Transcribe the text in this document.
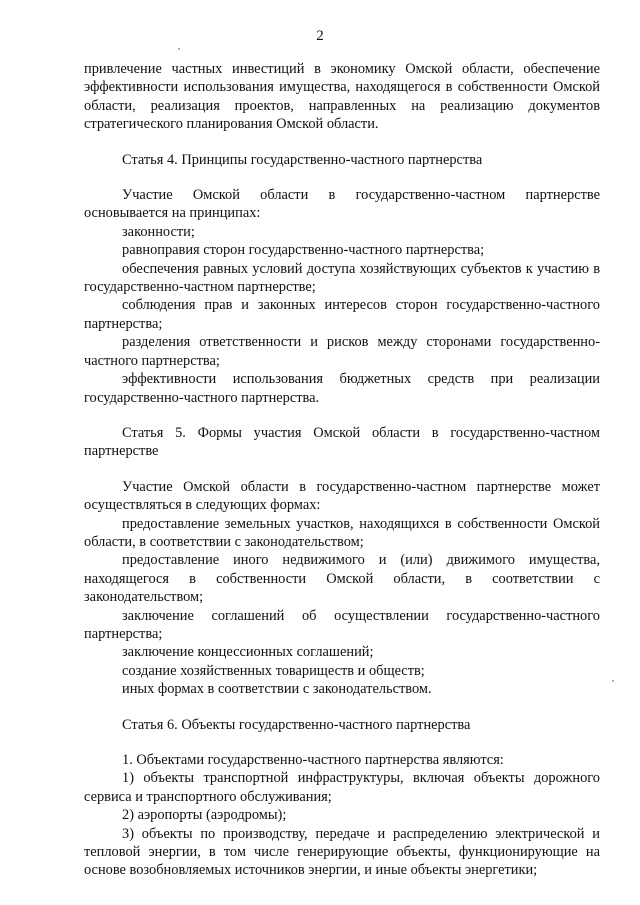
2

привлечение частных инвестиций в экономику Омской области, обеспечение эффективности использования имущества, находящегося в собственности Омской области, реализация проектов, направленных на реализацию документов стратегического планирования Омской области.

Статья 4. Принципы государственно-частного партнерства

Участие Омской области в государственно-частном партнерстве основывается на принципах:

законности;

равноправия сторон государственно-частного партнерства;

обеспечения равных условий доступа хозяйствующих субъектов к участию в государственно-частном партнерстве;

соблюдения прав и законных интересов сторон государственно-частного партнерства;

разделения ответственности и рисков между сторонами государственно-частного партнерства;

эффективности использования бюджетных средств при реализации государственно-частного партнерства.

Статья 5. Формы участия Омской области в государственно-частном партнерстве

Участие Омской области в государственно-частном партнерстве может осуществляться в следующих формах:

предоставление земельных участков, находящихся в собственности Омской области, в соответствии с законодательством;

предоставление иного недвижимого и (или) движимого имущества, находящегося в собственности Омской области, в соответствии с законодательством;

заключение соглашений об осуществлении государственно-частного партнерства;

заключение концессионных соглашений;

создание хозяйственных товариществ и обществ;

иных формах в соответствии с законодательством.

Статья 6. Объекты государственно-частного партнерства

1. Объектами государственно-частного партнерства являются:

1) объекты транспортной инфраструктуры, включая объекты дорожного сервиса и транспортного обслуживания;

2) аэропорты (аэродромы);

3) объекты по производству, передаче и распределению электрической и тепловой энергии, в том числе генерирующие объекты, функционирующие на основе возобновляемых источников энергии, и иные объекты энергетики;
